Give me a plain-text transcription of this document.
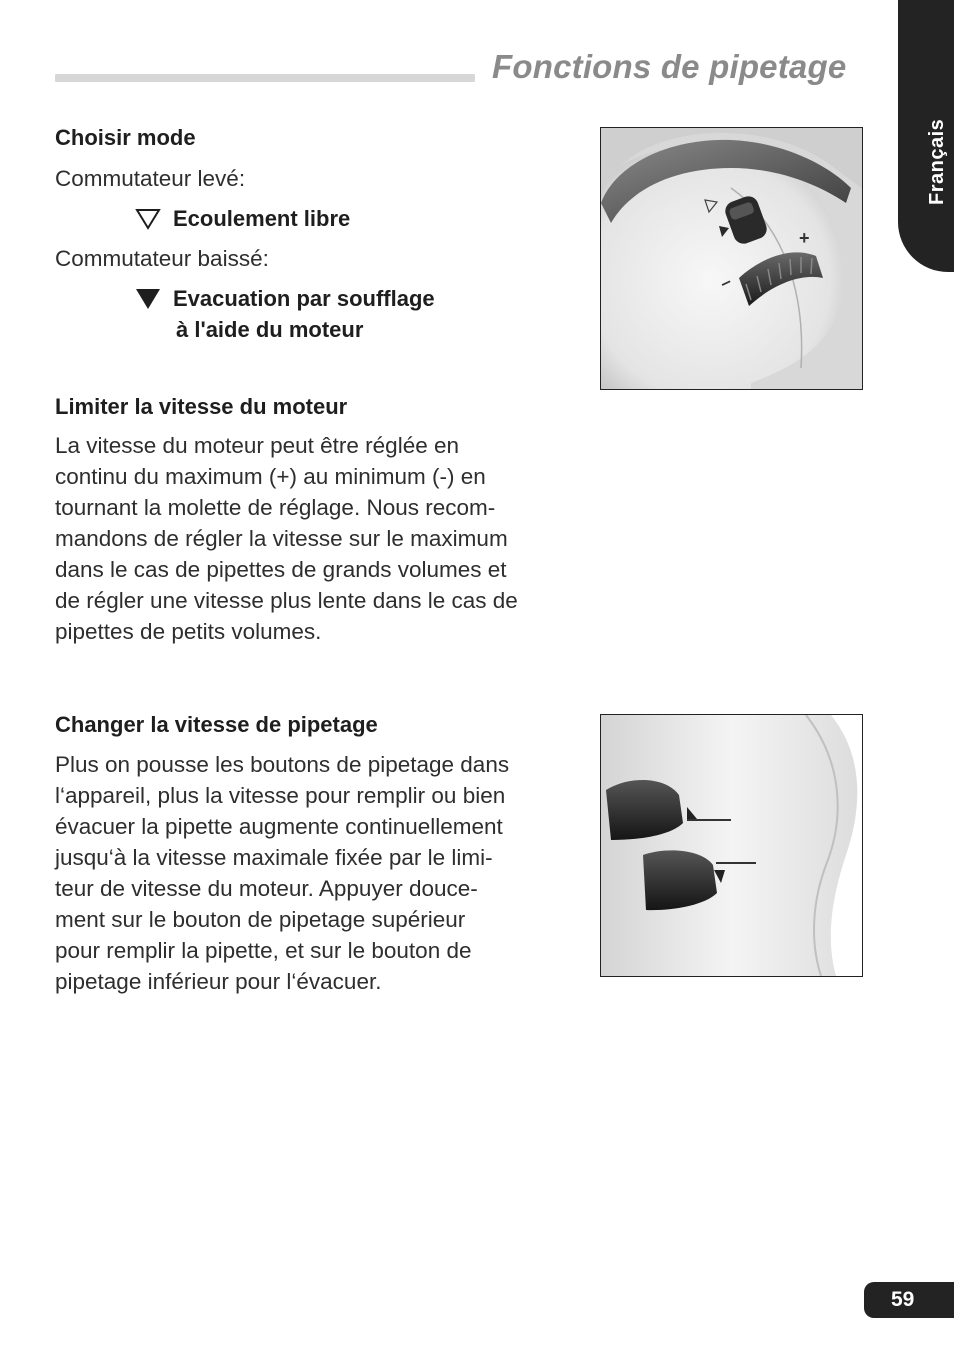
Fonctions de pipetage
Français
Choisir mode
Commutateur levé:
Ecoulement libre
Commutateur baissé:
Evacuation par soufflage
à l'aide du moteur
Limiter la vitesse du moteur
La vitesse du moteur peut être réglée en
continu du maximum (+) au minimum (-) en
tournant la molette de réglage. Nous recom-
mandons de régler la vitesse sur le maximum
dans le cas de pipettes de grands volumes et
de régler une vitesse plus lente dans le cas de
pipettes de petits volumes.
Changer la vitesse de pipetage
Plus on pousse les boutons de pipetage dans
l‘appareil, plus la vitesse pour remplir ou bien
évacuer la pipette augmente continuellement
jusqu‘à la vitesse maximale fixée par le limi-
teur de vitesse du moteur. Appuyer douce-
ment sur le bouton de pipetage supérieur
pour remplir la pipette, et sur le bouton de
pipetage inférieur pour l‘évacuer.
+
–
59
